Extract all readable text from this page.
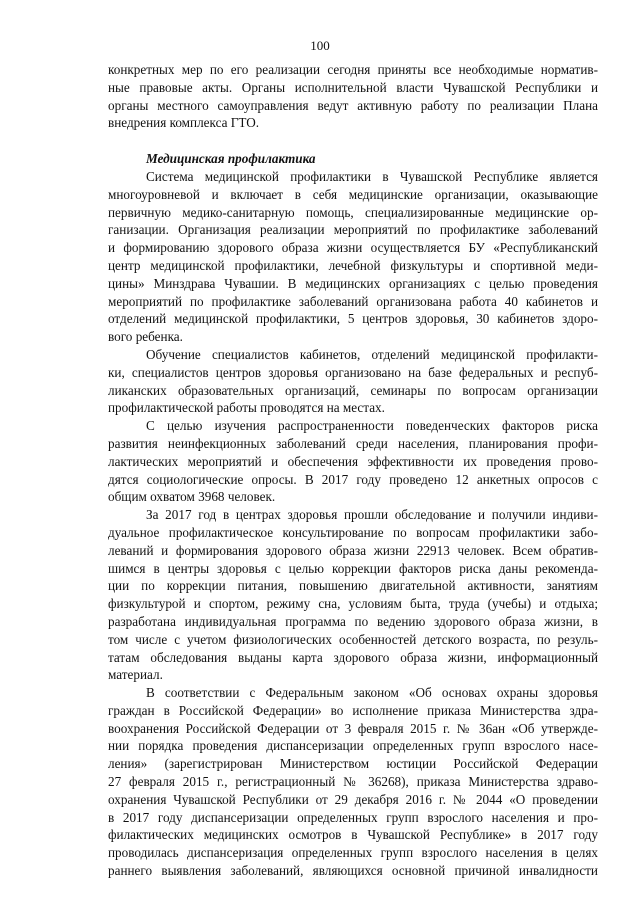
100
конкретных мер по его реализации сегодня приняты все необходимые норматив-
ные правовые акты. Органы исполнительной власти Чувашской Республики и
органы местного самоуправления ведут активную работу по реализации Плана
внедрения комплекса ГТО.
Медицинская профилактика
Система медицинской профилактики в Чувашской Республике является
многоуровневой и включает в себя медицинские организации, оказывающие
первичную медико-санитарную помощь, специализированные медицинские ор-
ганизации. Организация реализации мероприятий по профилактике заболеваний
и формированию здорового образа жизни осуществляется БУ «Республиканский
центр медицинской профилактики, лечебной физкультуры и спортивной меди-
цины» Минздрава Чувашии. В медицинских организациях с целью проведения
мероприятий по профилактике заболеваний организована работа 40 кабинетов и
отделений медицинской профилактики, 5 центров здоровья, 30 кабинетов здоро-
вого ребенка.
Обучение специалистов кабинетов, отделений медицинской профилакти-
ки, специалистов центров здоровья организовано на базе федеральных и респуб-
ликанских образовательных организаций, семинары по вопросам организации
профилактической работы проводятся на местах.
С целью изучения распространенности поведенческих факторов риска
развития неинфекционных заболеваний среди населения, планирования профи-
лактических мероприятий и обеспечения эффективности их проведения прово-
дятся социологические опросы. В 2017 году проведено 12 анкетных опросов с
общим охватом 3968 человек.
За 2017 год в центрах здоровья прошли обследование и получили индиви-
дуальное профилактическое консультирование по вопросам профилактики забо-
леваний и формирования здорового образа жизни 22913 человек. Всем обратив-
шимся в центры здоровья с целью коррекции факторов риска даны рекоменда-
ции по коррекции питания, повышению двигательной активности, занятиям
физкультурой и спортом, режиму сна, условиям быта, труда (учебы) и отдыха;
разработана индивидуальная программа по ведению здорового образа жизни, в
том числе с учетом физиологических особенностей детского возраста, по резуль-
татам обследования выданы карта здорового образа жизни, информационный
материал.
В соответствии с Федеральным законом «Об основах охраны здоровья
граждан в Российской Федерации» во исполнение приказа Министерства здра-
воохранения Российской Федерации от 3 февраля 2015 г. № 36ан «Об утвержде-
нии порядка проведения диспансеризации определенных групп взрослого насе-
ления» (зарегистрирован Министерством юстиции Российской Федерации
27 февраля 2015 г., регистрационный № 36268), приказа Министерства здраво-
охранения Чувашской Республики от 29 декабря 2016 г. № 2044 «О проведении
в 2017 году диспансеризации определенных групп взрослого населения и про-
филактических медицинских осмотров в Чувашской Республике» в 2017 году
проводилась диспансеризация определенных групп взрослого населения в целях
раннего выявления заболеваний, являющихся основной причиной инвалидности
